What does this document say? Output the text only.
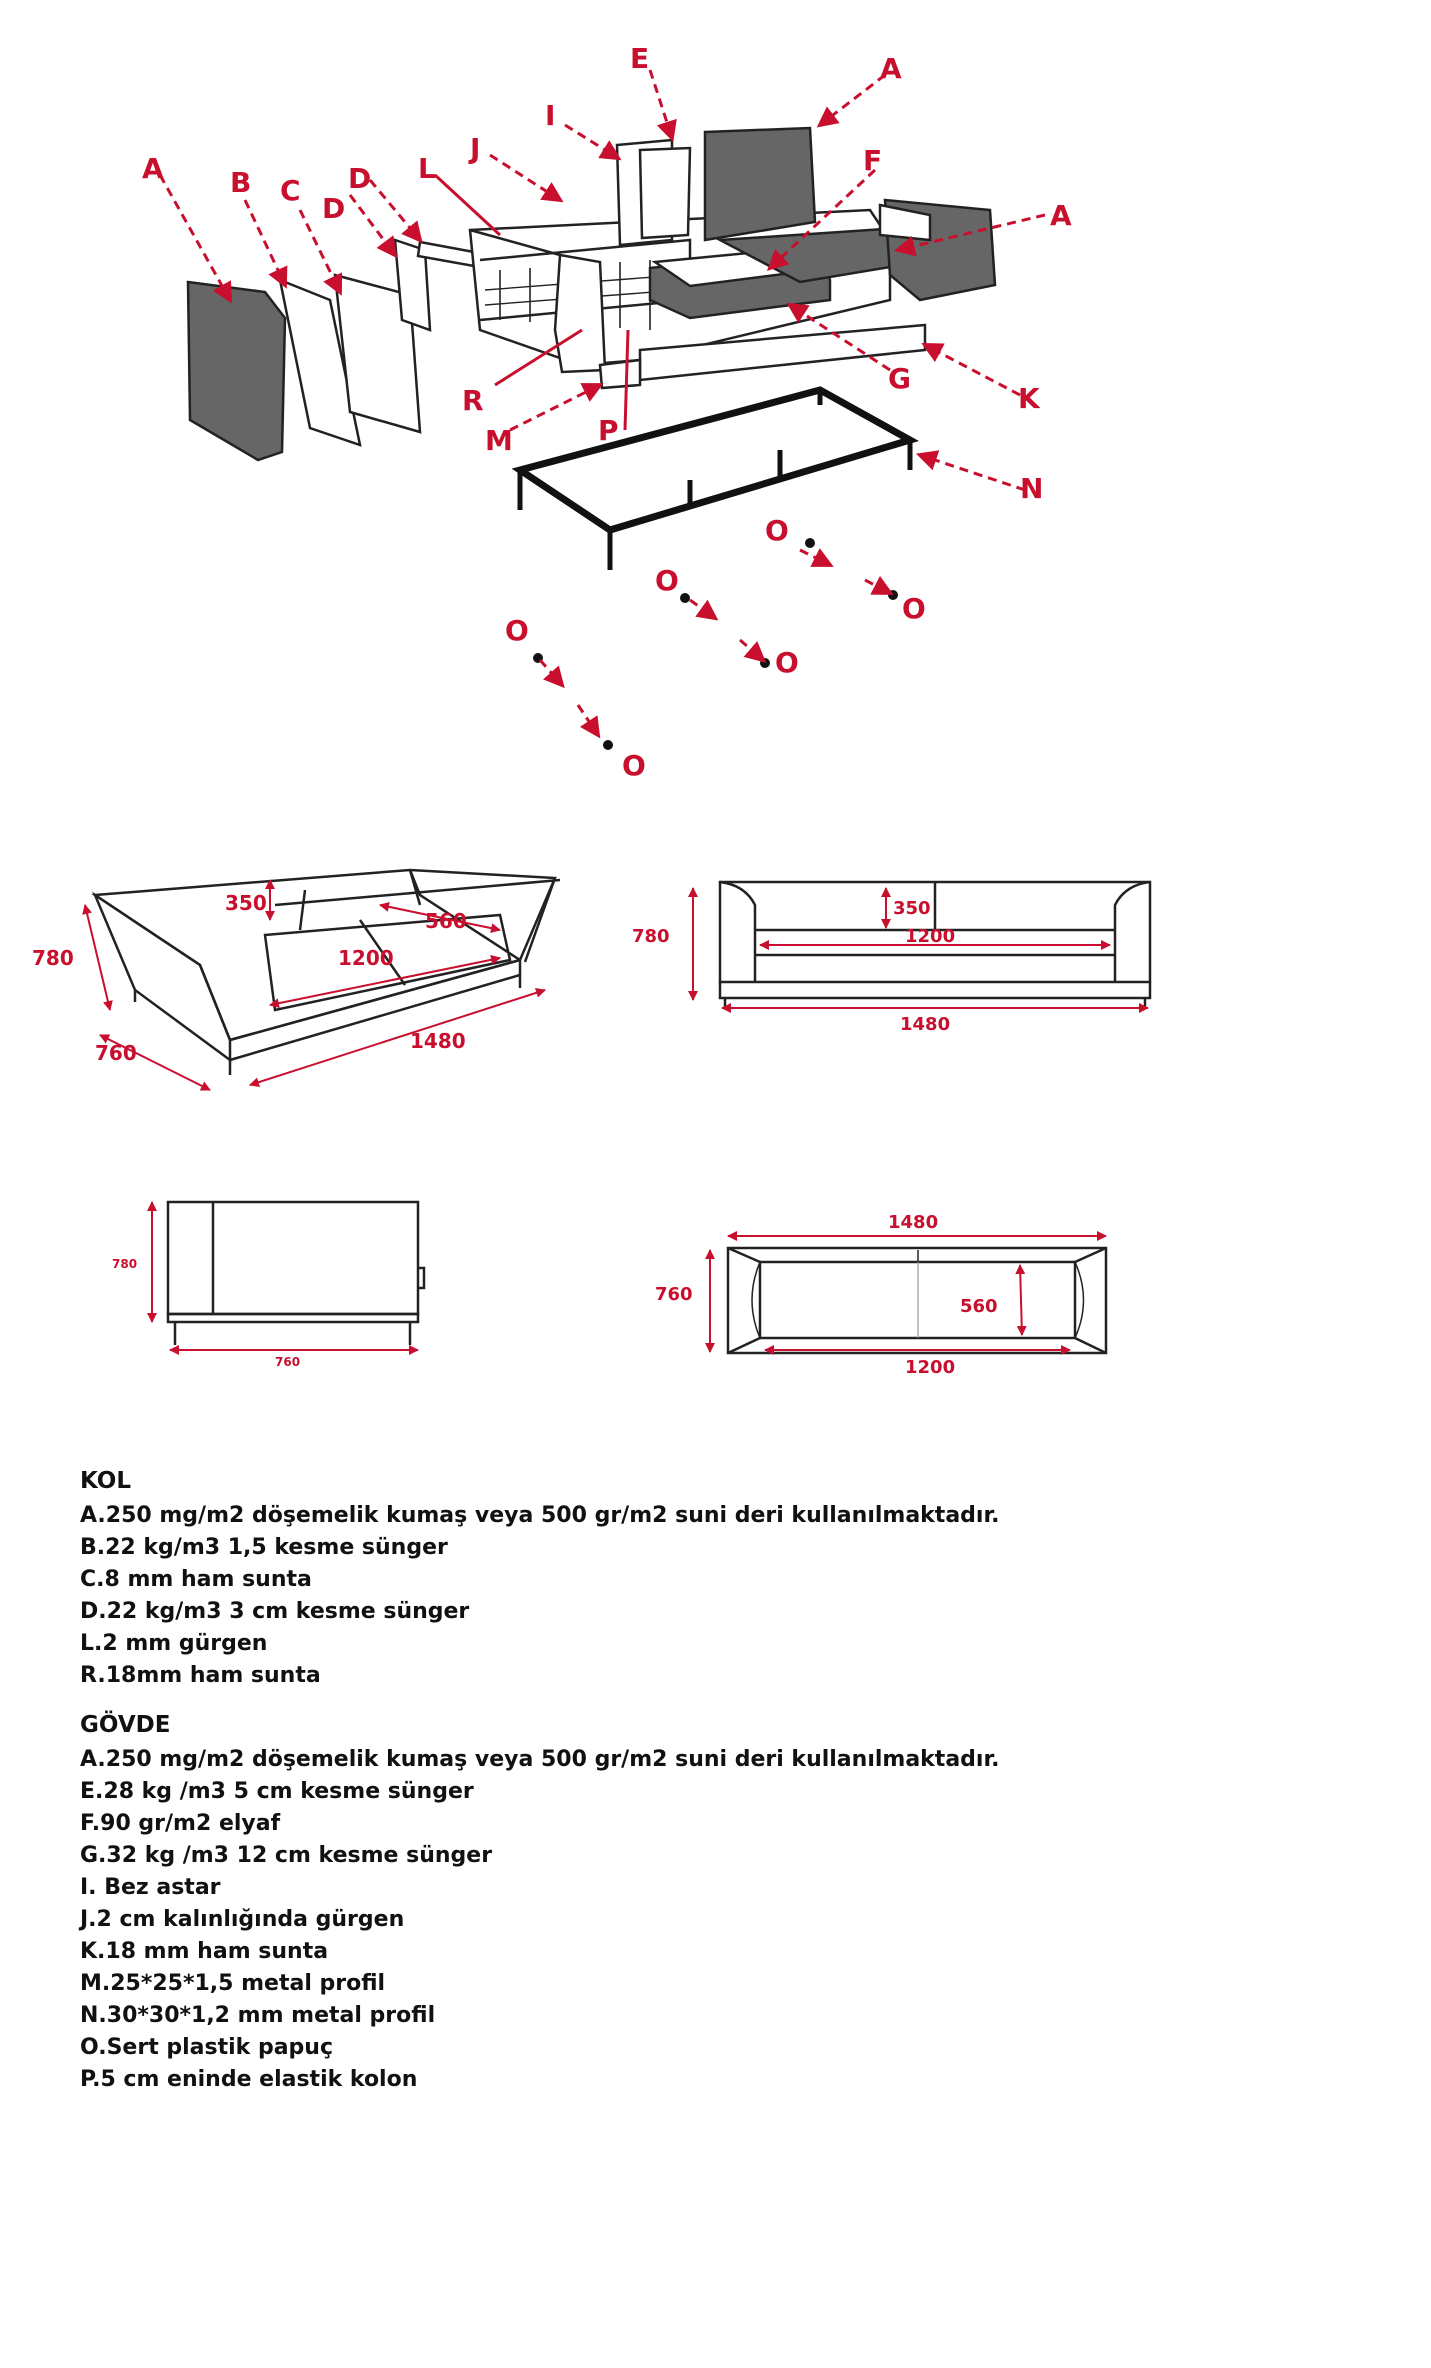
E	A
I
J
L	F
A B C D
D	A
G
K
R
M	P
N
O
O
O
O
O
O
780
760
350
560
1200
1480
780
350
1200
1480
780
760
1480
760
560
1200
KOL
A.250 mg/m2 döşemelik kumaş veya 500 gr/m2 suni deri kullanılmaktadır.
B.22 kg/m3 1,5 kesme sünger
C.8 mm ham sunta
D.22 kg/m3 3 cm kesme sünger
L.2 mm gürgen
R.18mm ham sunta
GÖVDE
A.250 mg/m2 döşemelik kumaş veya 500 gr/m2 suni deri kullanılmaktadır.
E.28 kg /m3 5 cm kesme sünger
F.90 gr/m2 elyaf
G.32 kg /m3 12 cm kesme sünger
I. Bez astar
J.2 cm kalınlığında gürgen
K.18 mm ham sunta
M.25*25*1,5 metal profil
N.30*30*1,2 mm metal profil
O.Sert plastik papuç
P.5 cm eninde elastik kolon
